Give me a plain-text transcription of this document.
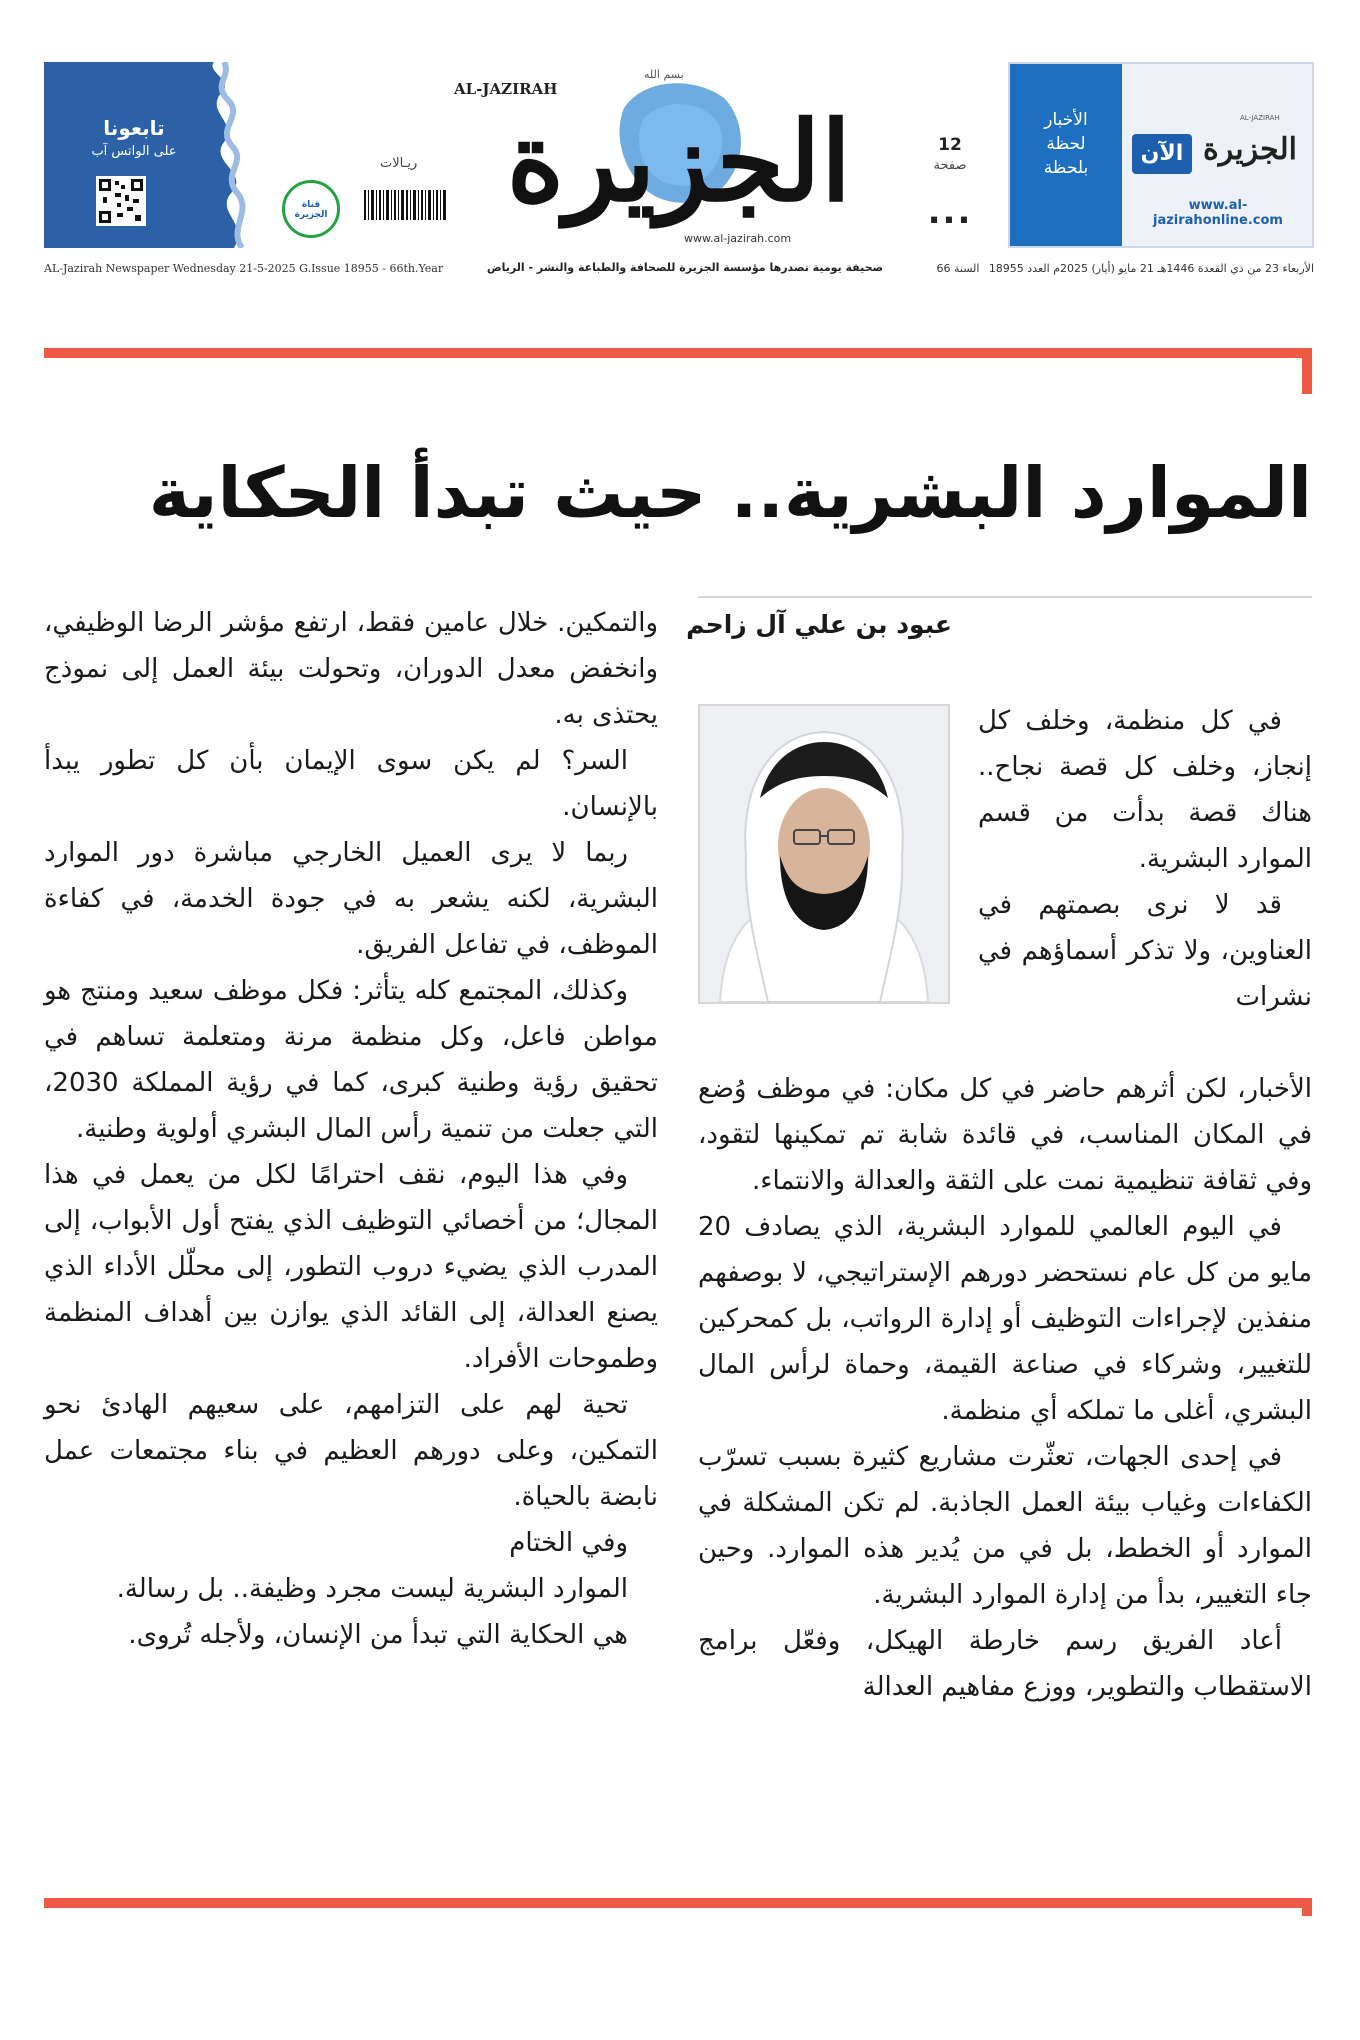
الأخبار
لحظة
بلحظة
الآن الجزيرة
AL-JAZIRAH
www.al-jazirahonline.com
12
صفحة
...
AL-JAZIRAH
بسم الله
الجزيرة
www.al-jazirah.com
ريـالات
تابعونا
على الواتس آب
قناة الجزيرة
الأربعاء 23 من ذي القعدة 1446هـ 21 مايو (أيار) 2025م العدد 18955
السنة 66
صحيفة يومية تصدرها مؤسسة الجزيرة للصحافة والطباعة والنشر - الرياض
AL-Jazirah Newspaper Wednesday 21-5-2025 G.Issue 18955 - 66th.Year
الموارد البشرية.. حيث تبدأ الحكاية
عبود بن علي آل زاحم

في كل منظمة، وخلف كل إنجاز، وخلف كل قصة نجاح.. هناك قصة بدأت من قسم الموارد البشرية.

قد لا نرى بصمتهم في العناوين، ولا تذكر أسماؤهم في نشرات

الأخبار، لكن أثرهم حاضر في كل مكان: في موظف وُضع في المكان المناسب، في قائدة شابة تم تمكينها لتقود، وفي ثقافة تنظيمية نمت على الثقة والعدالة والانتماء.

في اليوم العالمي للموارد البشرية، الذي يصادف 20 مايو من كل عام نستحضر دورهم الإستراتيجي، لا بوصفهم منفذين لإجراءات التوظيف أو إدارة الرواتب، بل كمحركين للتغيير، وشركاء في صناعة القيمة، وحماة لرأس المال البشري، أغلى ما تملكه أي منظمة.

في إحدى الجهات، تعثّرت مشاريع كثيرة بسبب تسرّب الكفاءات وغياب بيئة العمل الجاذبة. لم تكن المشكلة في الموارد أو الخطط، بل في من يُدير هذه الموارد. وحين جاء التغيير، بدأ من إدارة الموارد البشرية.

أعاد الفريق رسم خارطة الهيكل، وفعّل برامج الاستقطاب والتطوير، ووزع مفاهيم العدالة

والتمكين. خلال عامين فقط، ارتفع مؤشر الرضا الوظيفي، وانخفض معدل الدوران، وتحولت بيئة العمل إلى نموذج يحتذى به.

السر؟ لم يكن سوى الإيمان بأن كل تطور يبدأ بالإنسان.

ربما لا يرى العميل الخارجي مباشرة دور الموارد البشرية، لكنه يشعر به في جودة الخدمة، في كفاءة الموظف، في تفاعل الفريق.

وكذلك، المجتمع كله يتأثر: فكل موظف سعيد ومنتج هو مواطن فاعل، وكل منظمة مرنة ومتعلمة تساهم في تحقيق رؤية وطنية كبرى، كما في رؤية المملكة 2030، التي جعلت من تنمية رأس المال البشري أولوية وطنية.

وفي هذا اليوم، نقف احترامًا لكل من يعمل في هذا المجال؛ من أخصائي التوظيف الذي يفتح أول الأبواب، إلى المدرب الذي يضيء دروب التطور، إلى محلّل الأداء الذي يصنع العدالة، إلى القائد الذي يوازن بين أهداف المنظمة وطموحات الأفراد.

تحية لهم على التزامهم، على سعيهم الهادئ نحو التمكين، وعلى دورهم العظيم في بناء مجتمعات عمل نابضة بالحياة.

وفي الختام

الموارد البشرية ليست مجرد وظيفة.. بل رسالة.

هي الحكاية التي تبدأ من الإنسان، ولأجله تُروى.
